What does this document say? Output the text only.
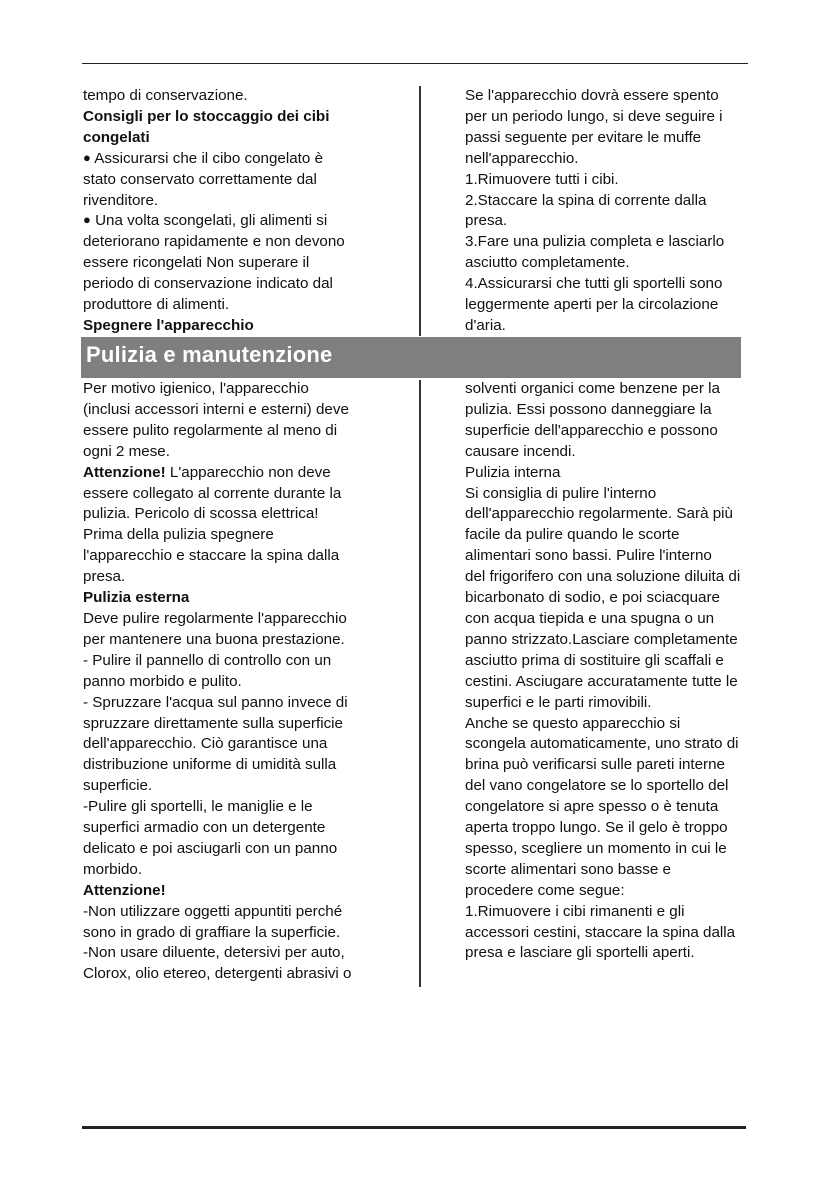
tempo di conservazione.

Consigli per lo stoccaggio dei cibi

congelati

● Assicurarsi che il cibo congelato è

stato conservato correttamente dal

rivenditore.

● Una volta scongelati, gli alimenti si

deteriorano rapidamente e non devono

essere ricongelati Non superare il

periodo di conservazione indicato dal

produttore di alimenti.

Spegnere l'apparecchio

Se l'apparecchio dovrà essere spento

per un periodo lungo, si deve seguire i

passi seguente per evitare le muffe

nell'apparecchio.

1.Rimuovere tutti i cibi.

2.Staccare la spina di corrente dalla

presa.

3.Fare una pulizia completa e lasciarlo

asciutto completamente.

4.Assicurarsi che tutti gli sportelli sono

leggermente aperti per la circolazione

d'aria.

Pulizia e manutenzione

Per motivo igienico, l'apparecchio

(inclusi accessori interni e esterni) deve

essere pulito regolarmente al meno di

ogni 2 mese.

Attenzione! L'apparecchio non deve

essere collegato al corrente durante la

pulizia. Pericolo di scossa elettrica!

Prima della pulizia spegnere

l'apparecchio e staccare la spina dalla

presa.

Pulizia esterna

Deve pulire regolarmente l'apparecchio

per mantenere una buona prestazione.

- Pulire il pannello di controllo con un

panno morbido e pulito.

- Spruzzare l'acqua sul panno invece di

spruzzare direttamente sulla superficie

dell'apparecchio. Ciò garantisce una

distribuzione uniforme di umidità sulla

superficie.

-Pulire gli sportelli, le maniglie e le

superfici armadio con un detergente

delicato e poi asciugarli con un panno

morbido.

Attenzione!

-Non utilizzare oggetti appuntiti perché

sono in grado di graffiare la superficie.

-Non usare diluente, detersivi per auto,

Clorox, olio etereo, detergenti abrasivi o

solventi organici come benzene per la

pulizia. Essi possono danneggiare la

superficie dell'apparecchio e possono

causare incendi.

Pulizia interna

Si consiglia di pulire l'interno

dell'apparecchio regolarmente. Sarà più

facile da pulire quando le scorte

alimentari sono bassi. Pulire l'interno

del frigorifero con una soluzione diluita di

bicarbonato di sodio, e poi sciacquare

con acqua tiepida e una spugna o un

panno strizzato.Lasciare completamente

asciutto prima di sostituire gli scaffali e

cestini. Asciugare accuratamente tutte le

superfici e le parti rimovibili.

Anche se questo apparecchio si

scongela automaticamente, uno strato di

brina può verificarsi sulle pareti interne

del vano congelatore se lo sportello del

congelatore si apre spesso o è tenuta

aperta troppo lungo. Se il gelo è troppo

spesso, scegliere un momento in cui le

scorte alimentari sono basse e

procedere come segue:

1.Rimuovere i cibi rimanenti e gli

accessori cestini, staccare la spina dalla

presa e lasciare gli sportelli aperti.
